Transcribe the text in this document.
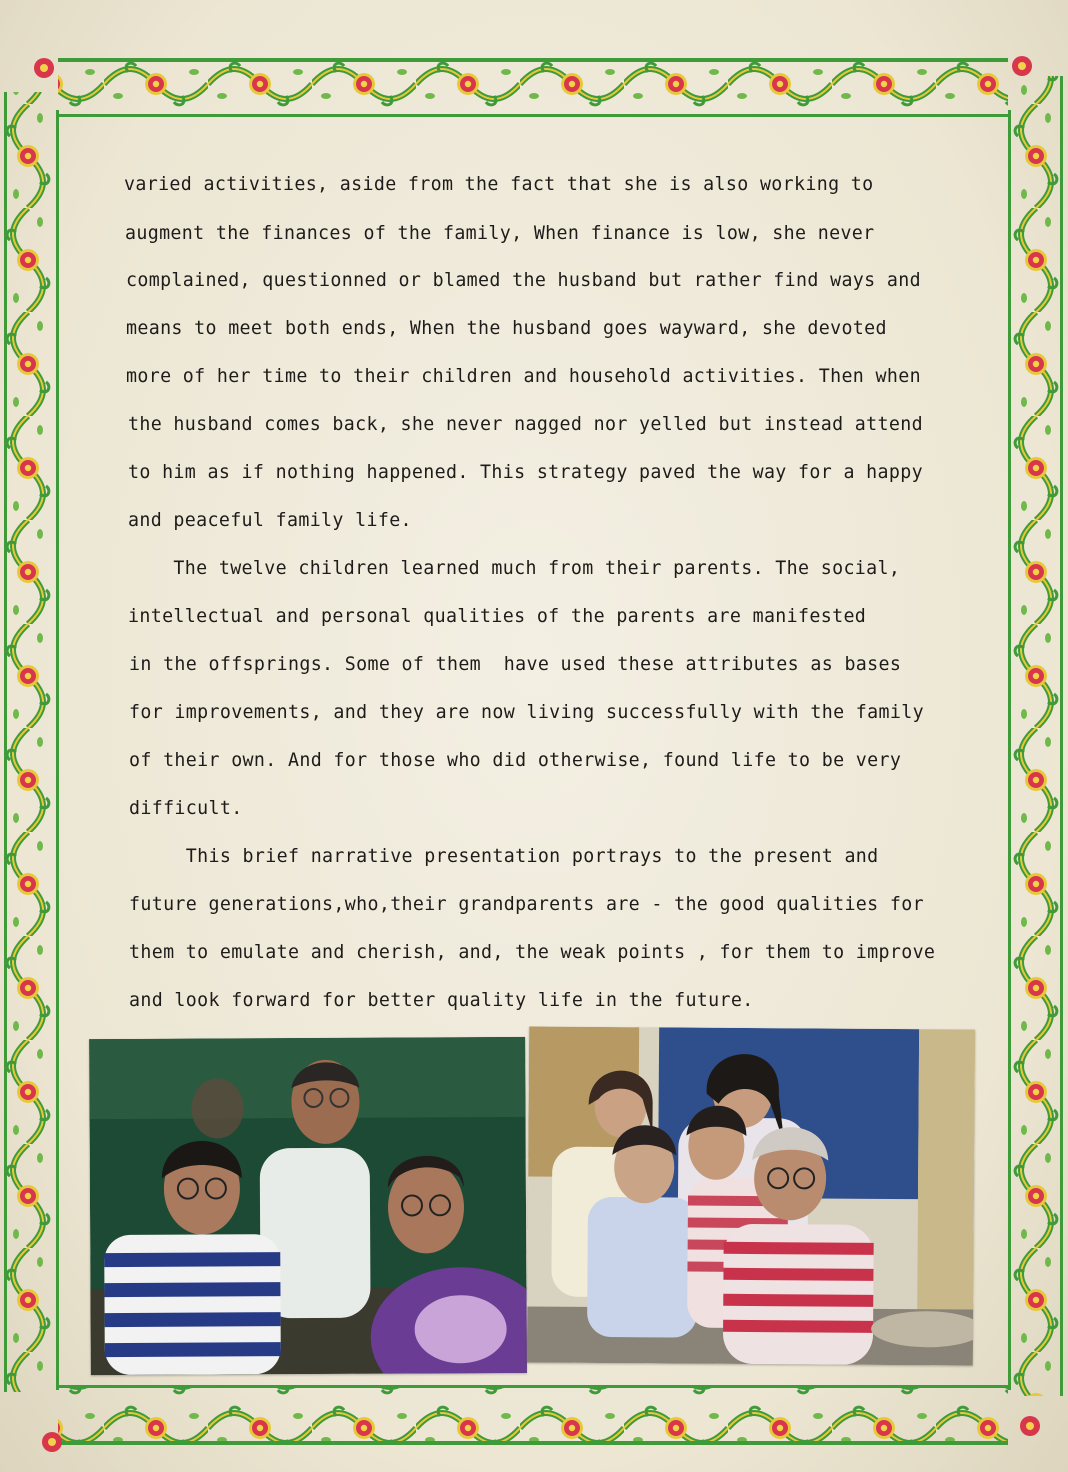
varied activities, aside from the fact that she is also working to
augment the finances of the family, When finance is low, she never
complained, questionned or blamed the husband but rather find ways and
means to meet both ends, When the husband goes wayward, she devoted
more of her time to their children and household activities. Then when
the husband comes back, she never nagged nor yelled but instead attend
to him as if nothing happened. This strategy paved the way for a happy
and peaceful family life.
The twelve children learned much from their parents. The social,
intellectual and personal qualities of the parents are manifested
in the offsprings. Some of them  have used these attributes as bases
for improvements, and they are now living successfully with the family
of their own. And for those who did otherwise, found life to be very
difficult.
This brief narrative presentation portrays to the present and
future generations,who,their grandparents are - the good qualities for
them to emulate and cherish, and, the weak points , for them to improve
and look forward for better quality life in the future.
